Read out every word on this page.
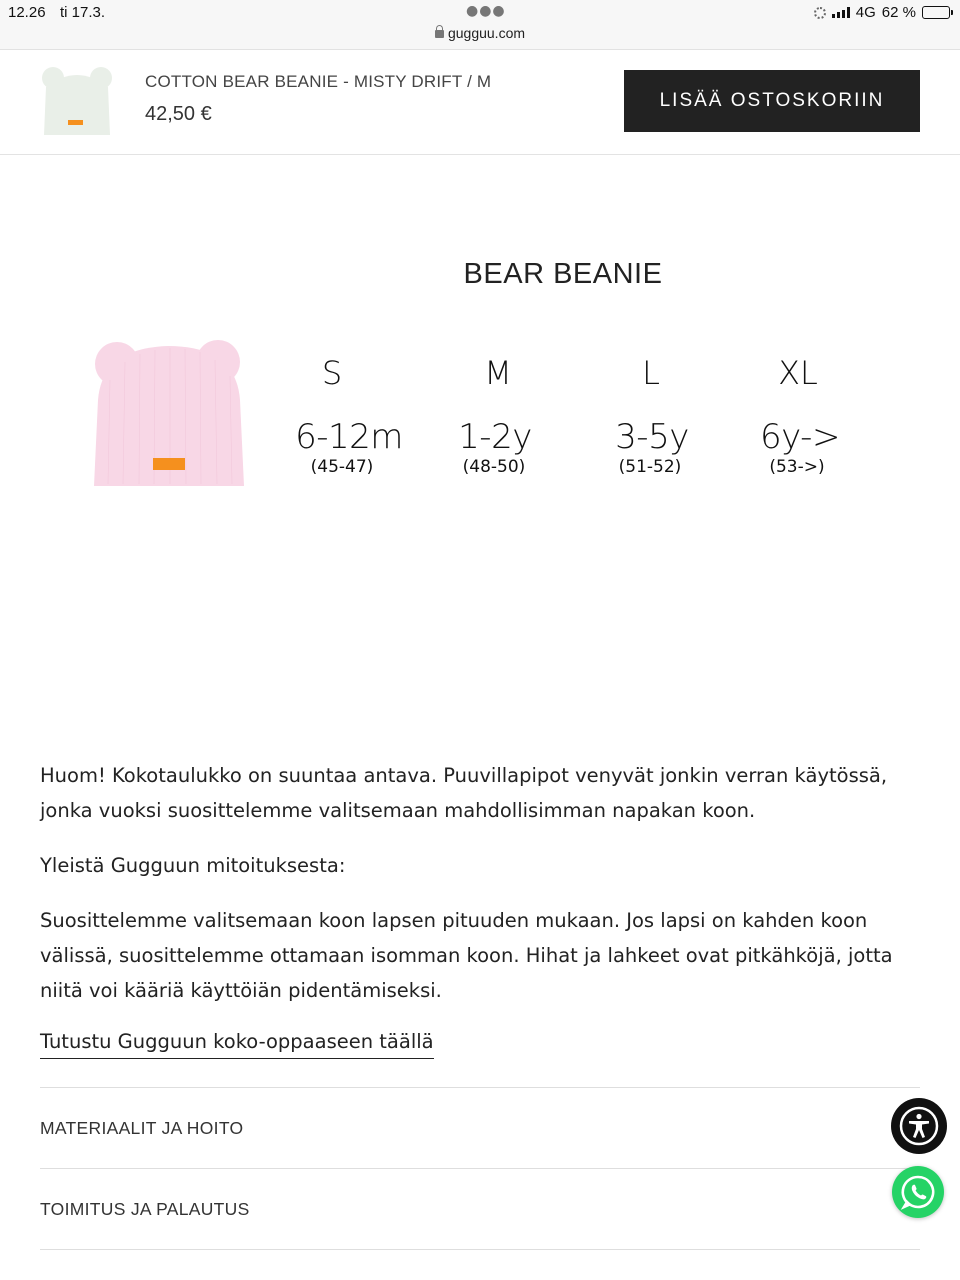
12.26 ti 17.3.	●●●
gugguu.com
4G 62 %
COTTON BEAR BEANIE - MISTY DRIFT / M
42,50 €
LISÄÄ OSTOSKORIIN
BEAR BEANIE
S
6-12m
(45-47)
M
1-2y
(48-50)
L
3-5y
(51-52)
XL
6y->
(53->)

Huom! Kokotaulukko on suuntaa antava. Puuvillapipot venyvät jonkin verran käytössä, jonka vuoksi suosittelemme valitsemaan mahdollisimman napakan koon.

Yleistä Gugguun mitoituksesta:

Suosittelemme valitsemaan koon lapsen pituuden mukaan. Jos lapsi on kahden koon välissä, suosittelemme ottamaan isomman koon. Hihat ja lahkeet ovat pitkähköjä, jotta niitä voi kääriä käyttöiän pidentämiseksi.

Tutustu Gugguun koko-oppaaseen täällä
MATERIAALIT JA HOITO
TOIMITUS JA PALAUTUS
